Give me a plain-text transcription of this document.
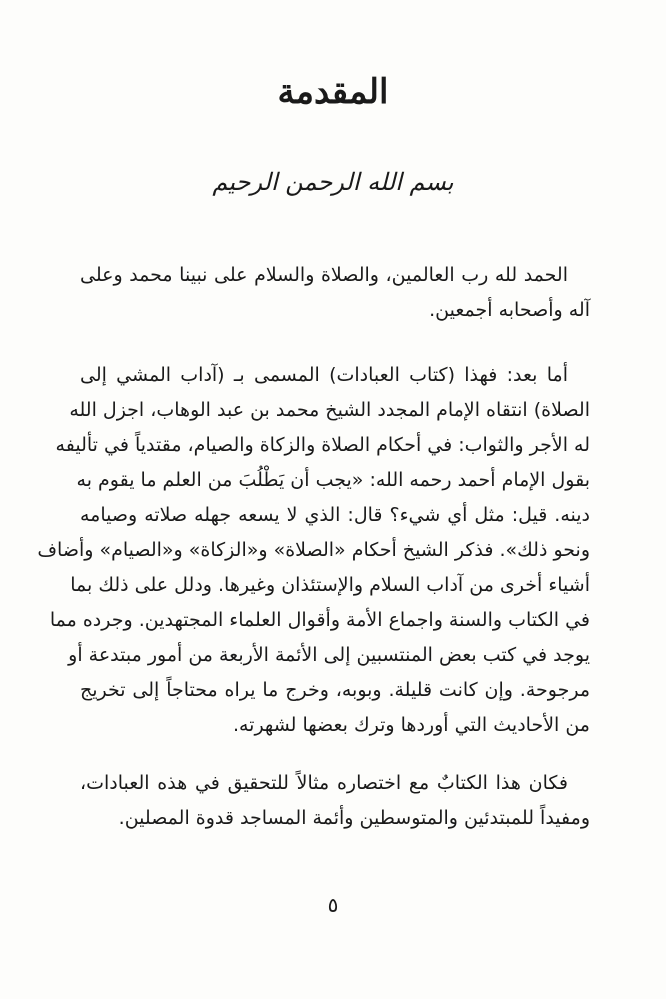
المقدمة
بسم الله الرحمن الرحيم
الحمد لله رب العالمين، والصلاة والسلام على نبينا محمد وعلى
آله وأصحابه أجمعين.
أما بعد: فهذا (كتاب العبادات) المسمى بـ (آداب المشي إلى
الصلاة) انتقاه الإمام المجدد الشيخ محمد بن عبد الوهاب، اجزل الله
له الأجر والثواب: في أحكام الصلاة والزكاة والصيام، مقتدياً في تأليفه
بقول الإمام أحمد رحمه الله: «يجب أن يَطْلُبَ من العلم ما يقوم به
دينه. قيل: مثل أي شيء؟ قال: الذي لا يسعه جهله صلاته وصيامه
ونحو ذلك». فذكر الشيخ أحكام «الصلاة» و«الزكاة» و«الصيام» وأضاف
أشياء أخرى من آداب السلام والإستئذان وغيرها. ودلل على ذلك بما
في الكتاب والسنة واجماع الأمة وأقوال العلماء المجتهدين. وجرده مما
يوجد في كتب بعض المنتسبين إلى الأئمة الأربعة من أمور مبتدعة أو
مرجوحة. وإن كانت قليلة. وبوبه، وخرج ما يراه محتاجاً إلى تخريج
من الأحاديث التي أوردها وترك بعضها لشهرته.
فكان هذا الكتابٌ مع اختصاره مثالاً للتحقيق في هذه العبادات،
ومفيداً للمبتدئين والمتوسطين وأئمة المساجد قدوة المصلين.
٥
